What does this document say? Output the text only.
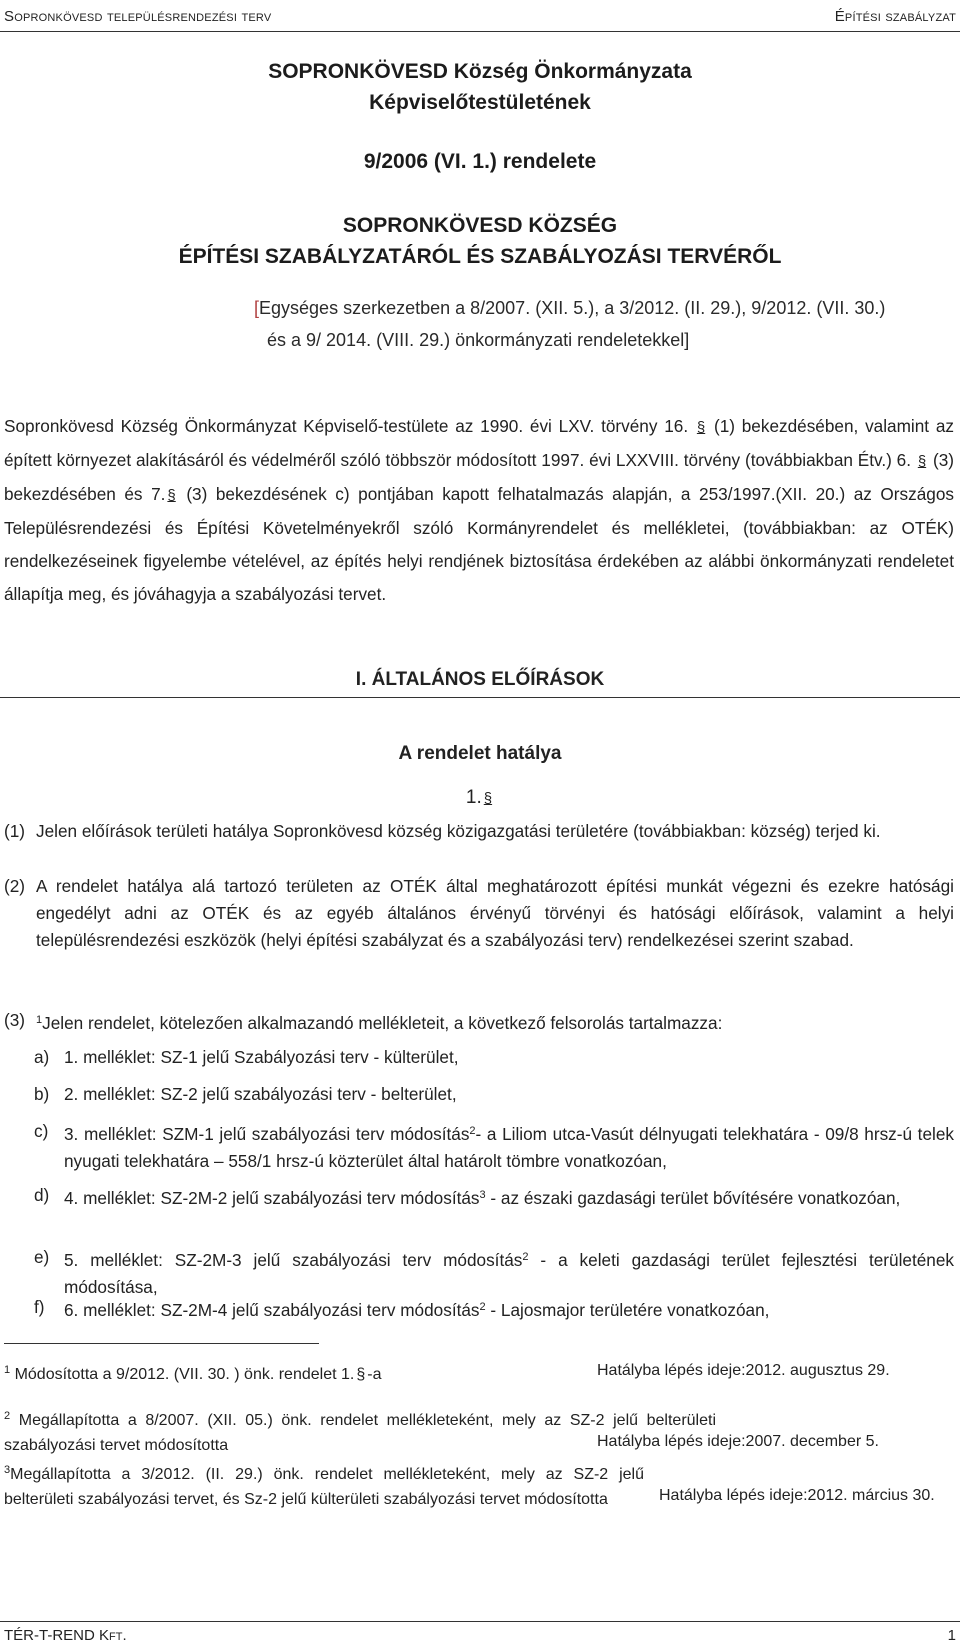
Sopronkövesd településrendezési terv	Építési szabályzat
SOPRONKÖVESD Község Önkormányzata
Képviselőtestületének
9/2006 (VI. 1.) rendelete
SOPRONKÖVESD KÖZSÉG
ÉPÍTÉSI SZABÁLYZATÁRÓL ÉS SZABÁLYOZÁSI TERVÉRŐL
[Egységes szerkezetben a 8/2007. (XII. 5.), a 3/2012. (II. 29.), 9/2012. (VII. 30.)
és a 9/ 2014. (VIII. 29.) önkormányzati rendeletekkel]
Sopronkövesd Község Önkormányzat Képviselő-testülete az 1990. évi LXV. törvény 16. § (1) bekezdésében, valamint az épített környezet alakításáról és védelméről szóló többször módosított 1997. évi LXXVIII. törvény (továbbiakban Étv.) 6. § (3) bekezdésében és 7. § (3) bekezdésének c) pontjában kapott felhatalmazás alapján, a 253/1997.(XII. 20.) az Országos Településrendezési és Építési Követelményekről szóló Kormányrendelet és mellékletei, (továbbiakban: az OTÉK) rendelkezéseinek figyelembe vételével, az építés helyi rendjének biztosítása érdekében az alábbi önkormányzati rendeletet állapítja meg, és jóváhagyja a szabályozási tervet.
I. ÁLTALÁNOS ELŐÍRÁSOK
A rendelet hatálya
1. §
(1) Jelen előírások területi hatálya Sopronkövesd község közigazgatási területére (továbbiakban: község) terjed ki.
(2) A rendelet hatálya alá tartozó területen az OTÉK által meghatározott építési munkát végezni és ezekre hatósági engedélyt adni az OTÉK és az egyéb általános érvényű törvényi és hatósági előírások, valamint a helyi településrendezési eszközök (helyi építési szabályzat és a szabályozási terv) rendelkezései szerint szabad.
(3) $^1$Jelen rendelet, kötelezően alkalmazandó mellékleteit, a következő felsorolás tartalmazza:
a) 1. melléklet: SZ-1 jelű Szabályozási terv - külterület,
b) 2. melléklet: SZ-2 jelű szabályozási terv - belterület,
c) 3. melléklet: SZM-1 jelű szabályozási terv módosítás$^2$- a Liliom utca-Vasút délnyugati telekhatára - 09/8 hrsz-ú telek nyugati telekhatára – 558/1 hrsz-ú közterület által határolt tömbre vonatkozóan,
d) 4. melléklet: SZ-2M-2 jelű szabályozási terv módosítás$^3$ - az északi gazdasági terület bővítésére vonatkozóan,
e) 5. melléklet: SZ-2M-3 jelű szabályozási terv módosítás$^2$ - a keleti gazdasági terület fejlesztési területének módosítása,
f) 6. melléklet: SZ-2M-4 jelű szabályozási terv módosítás$^2$ - Lajosmajor területére vonatkozóan,
$^1$ Módosította a 9/2012. (VII. 30. ) önk. rendelet 1. § -a	Hatályba lépés ideje:2012. augusztus 29.
$^2$ Megállapította a 8/2007. (XII. 05.) önk. rendelet mellékleteként, mely az SZ-2 jelű belterületi szabályozási tervet módosította	Hatályba lépés ideje:2007. december 5.
$^3$Megállapította a 3/2012. (II. 29.) önk. rendelet mellékleteként, mely az SZ-2 jelű belterületi szabályozási tervet, és Sz-2 jelű külterületi szabályozási tervet módosította	Hatályba lépés ideje:2012. március 30.
TÉR-T-REND Kft.	1
